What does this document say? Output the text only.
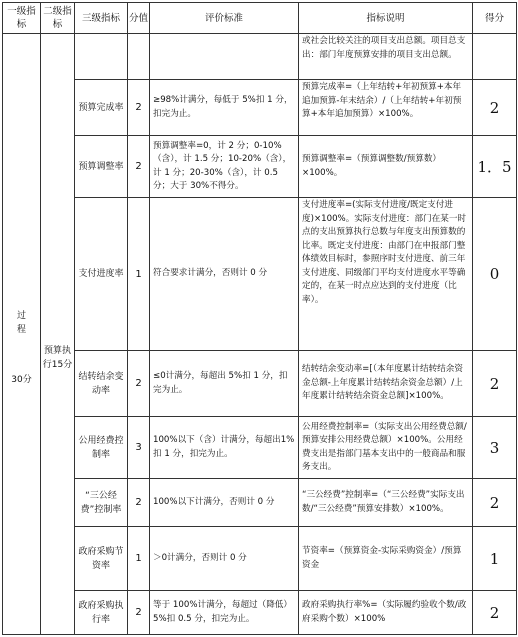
一级指标	二级指标	三级指标	分值	评价标准	指标说明	得分

过
程
30分	预算执行15分				或社会比较关注的项目支出总额。项目总支出：部门年度预算安排的项目支出总额。	
		预算完成率	2	≥98%计满分，每低于 5%扣 1 分，扣完为止。	预算完成率=（上年结转+年初预算+本年追加预算-年末结余）/（上年结转+年初预算+本年追加预算）×100%。	2
		预算调整率	2	预算调整率=0，计 2 分；0-10%（含），计 1.5 分；10-20%（含），计 1 分；20-30%（含），计 0.5 分；大于 30%不得分。	预算调整率=（预算调整数/预算数）×100%。	1．5
		支付进度率	1	符合要求计满分，否则计 0 分	支付进度率=(实际支付进度/既定支付进度)×100%。实际支付进度：部门在某一时点的支出预算执行总数与年度支出预算数的比率。既定支付进度：由部门在申报部门整体绩效目标时，参照序时支付进度、前三年支付进度、同级部门平均支付进度水平等确定的，在某一时点应达到的支付进度（比率）。	0
		结转结余变动率	2	≤0计满分，每超出 5%扣 1 分，扣完为止。	结转结余变动率=[（本年度累计结转结余资金总额-上年度累计结转结余资金总额）/上年度累计结转结余资金总额]×100%。	2
		公用经费控制率	3	100%以下（含）计满分，每超出1%扣 1 分，扣完为止。	公用经费控制率=（实际支出公用经费总额/预算安排公用经费总额）×100%。公用经费支出是指部门基本支出中的一般商品和服务支出。	3
		“三公经费”控制率	2	100%以下计满分，否则计 0 分	“三公经费”控制率=（“三公经费”实际支出数/“三公经费”预算安排数）×100%。	2
		政府采购节资率	1	＞0计满分，否则计 0 分	节资率=（预算资金-实际采购资金）/预算资金	1
		政府采购执行率	2	等于 100%计满分，每超过（降低）5%扣 0.5 分，扣完为止。	政府采购执行率%=（实际履约验收个数/政府采购个数）×100%	2
